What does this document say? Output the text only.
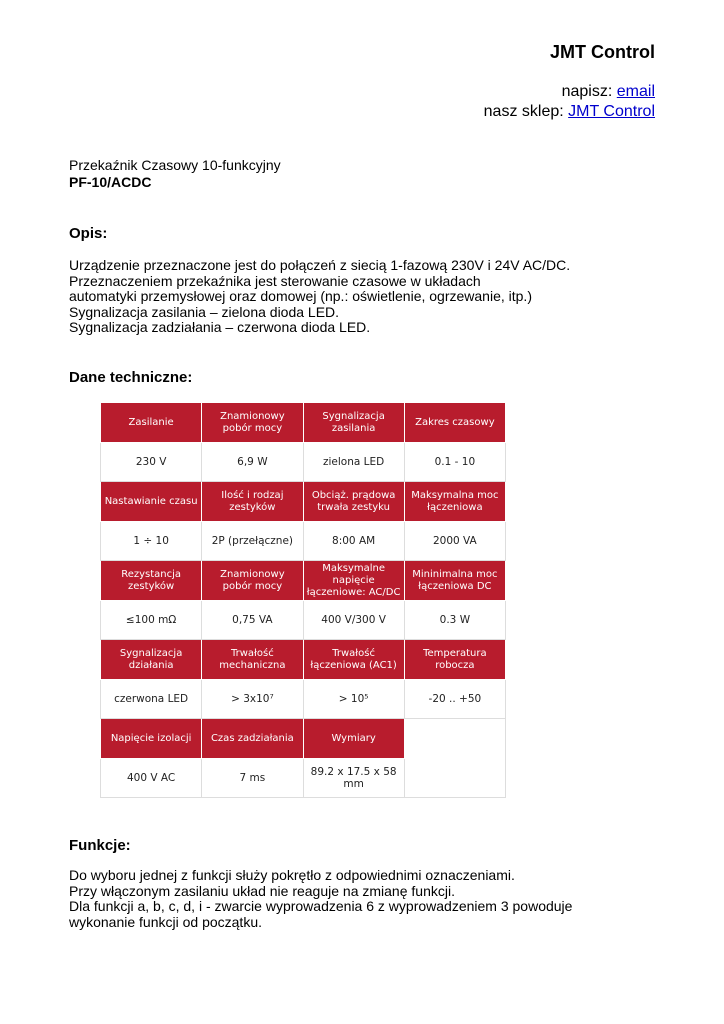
JMT Control
napisz: email
nasz sklep: JMT Control
Przekaźnik Czasowy 10-funkcyjny
PF-10/ACDC
Opis:
Urządzenie przeznaczone jest do połączeń z siecią 1-fazową 230V i 24V AC/DC.
Przeznaczeniem przekaźnika jest sterowanie czasowe w układach
automatyki przemysłowej oraz domowej (np.: oświetlenie, ogrzewanie, itp.)
Sygnalizacja zasilania – zielona dioda LED.
Sygnalizacja zadziałania – czerwona dioda LED.
Dane techniczne:
Zasilanie	Znamionowy pobór mocy	Sygnalizacja zasilania	Zakres czasowy
230 V	6,9 W	zielona LED	0.1 - 10
Nastawianie czasu	Ilość i rodzaj zestyków	Obciąż. prądowa trwała zestyku	Maksymalna moc łączeniowa
1 ÷ 10	2P (przełączne)	8:00 AM	2000 VA
Rezystancja zestyków	Znamionowy pobór mocy	Maksymalne napięcie łączeniowe: AC/DC	Mininimalna moc łączeniowa DC
≤100 mΩ	0,75 VA	400 V/300 V	0.3 W
Sygnalizacja działania	Trwałość mechaniczna	Trwałość łączeniowa (AC1)	Temperatura robocza
czerwona LED	> 3x10⁷	> 10⁵	-20 .. +50
Napięcie izolacji	Czas zadziałania	Wymiary	
400 V AC	7 ms	89.2 x 17.5 x 58 mm	
Funkcje:
Do wyboru jednej z funkcji służy pokrętło z odpowiednimi oznaczeniami.
Przy włączonym zasilaniu układ nie reaguje na zmianę funkcji.
Dla funkcji a, b, c, d, i - zwarcie wyprowadzenia 6 z wyprowadzeniem 3 powoduje
wykonanie funkcji od początku.
